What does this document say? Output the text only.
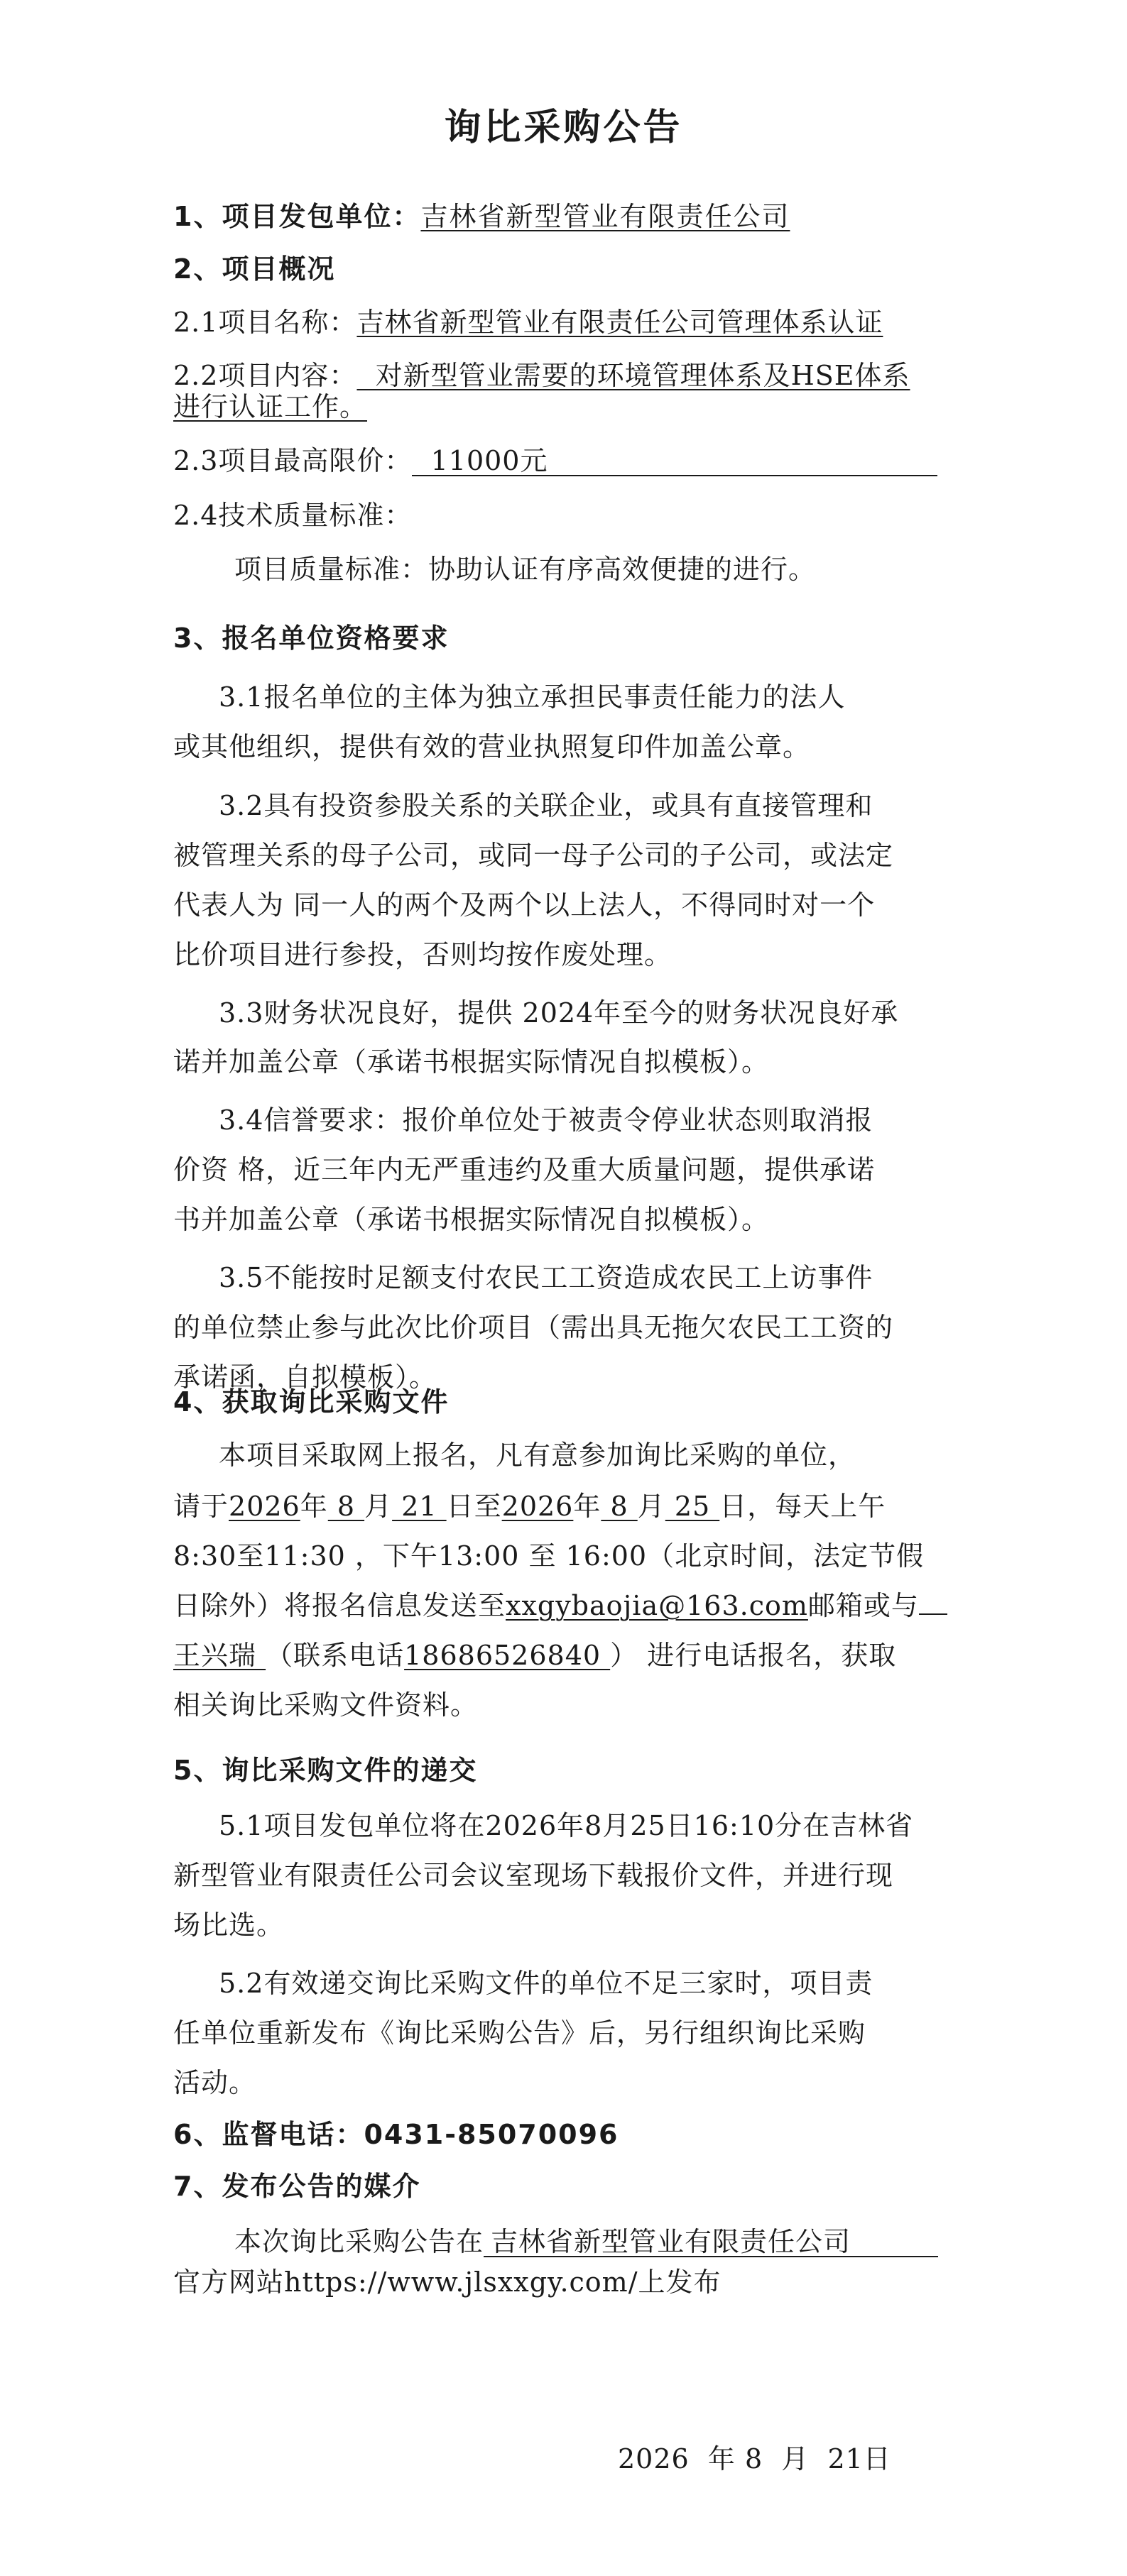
询比采购公告
1、项目发包单位：吉林省新型管业有限责任公司
2、项目概况
2.1项目名称：吉林省新型管业有限责任公司管理体系认证
2.2项目内容：  对新型管业需要的环境管理体系及HSE体系
进行认证工作。
2.3项目最高限价：  11000元
2.4技术质量标准：
项目质量标准：协助认证有序高效便捷的进行。
3、报名单位资格要求
3.1报名单位的主体为独立承担民事责任能力的法人
或其他组织，提供有效的营业执照复印件加盖公章。
3.2具有投资参股关系的关联企业，或具有直接管理和
被管理关系的母子公司，或同一母子公司的子公司，或法定
代表人为 同一人的两个及两个以上法人，不得同时对一个
比价项目进行参投，否则均按作废处理。
3.3财务状况良好，提供 2024年至今的财务状况良好承
诺并加盖公章（承诺书根据实际情况自拟模板）。
3.4信誉要求：报价单位处于被责令停业状态则取消报
价资 格，近三年内无严重违约及重大质量问题，提供承诺
书并加盖公章（承诺书根据实际情况自拟模板）。
3.5不能按时足额支付农民工工资造成农民工上访事件
的单位禁止参与此次比价项目（需出具无拖欠农民工工资的
承诺函，自拟模板）。
4、获取询比采购文件
本项目采取网上报名，凡有意参加询比采购的单位，
请于2026年 8 月 21 日至2026年 8 月 25 日，每天上午
8:30至11:30 ，下午13:00 至 16:00（北京时间，法定节假
日除外）将报名信息发送至xxgybaojia@163.com邮箱或与
王兴瑞 （联系电话18686526840 ） 进行电话报名，获取
相关询比采购文件资料。
5、询比采购文件的递交
5.1项目发包单位将在2026年8月25日16:10分在吉林省
新型管业有限责任公司会议室现场下载报价文件，并进行现
场比选。
5.2有效递交询比采购文件的单位不足三家时，项目责
任单位重新发布《询比采购公告》后，另行组织询比采购
活动。
6、监督电话：0431-85070096
7、发布公告的媒介
本次询比采购公告在 吉林省新型管业有限责任公司
官方网站https://www.jlsxxgy.com/上发布
2026  年 8  月  21日
